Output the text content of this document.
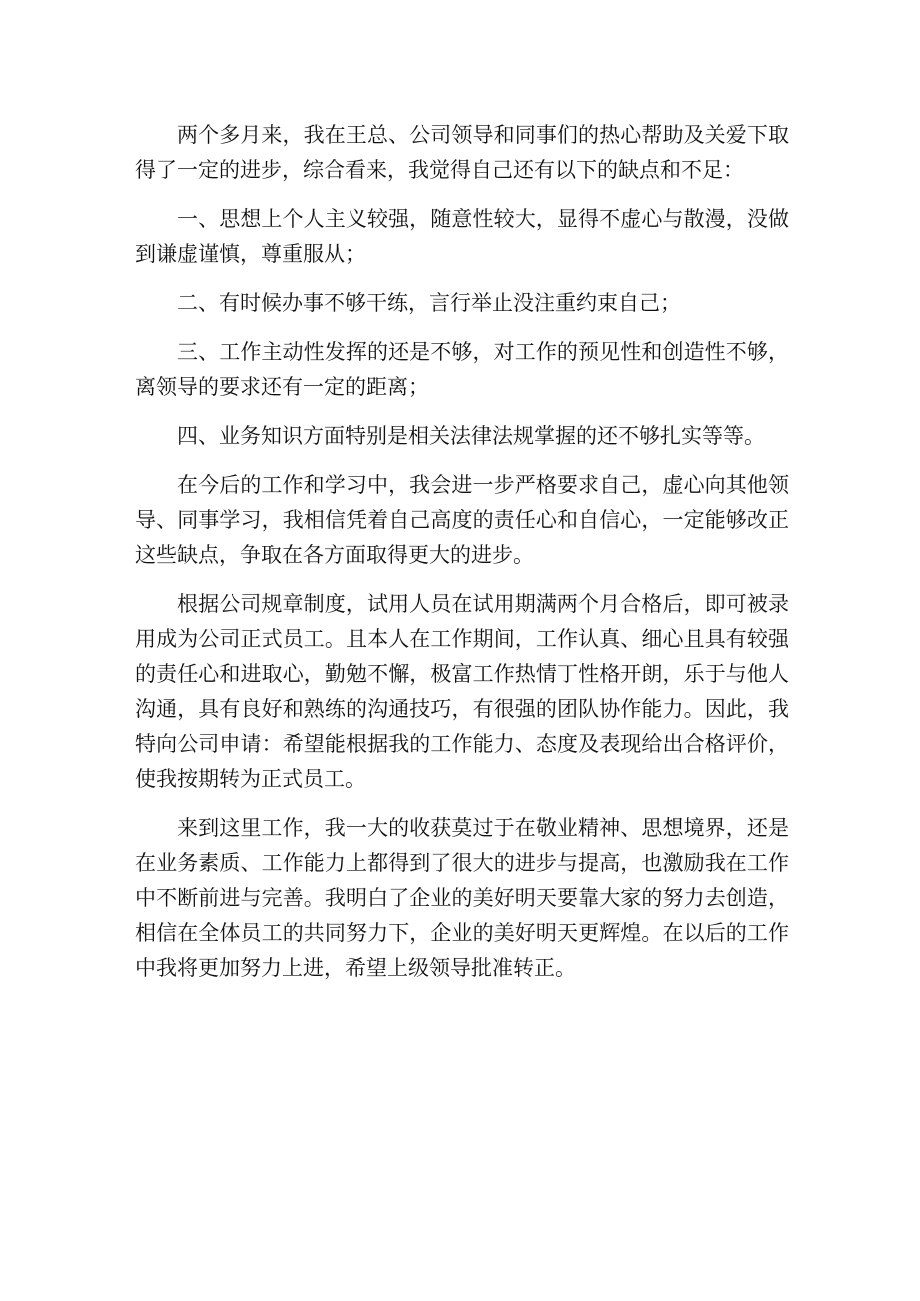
两个多月来，我在王总、公司领导和同事们的热心帮助及关爱下取得了一定的进步，综合看来，我觉得自己还有以下的缺点和不足：

一、思想上个人主义较强，随意性较大，显得不虚心与散漫，没做到谦虚谨慎，尊重服从；

二、有时候办事不够干练，言行举止没注重约束自己；

三、工作主动性发挥的还是不够，对工作的预见性和创造性不够，离领导的要求还有一定的距离；

四、业务知识方面特别是相关法律法规掌握的还不够扎实等等。

在今后的工作和学习中，我会进一步严格要求自己，虚心向其他领导、同事学习，我相信凭着自己高度的责任心和自信心，一定能够改正这些缺点，争取在各方面取得更大的进步。

根据公司规章制度，试用人员在试用期满两个月合格后，即可被录用成为公司正式员工。且本人在工作期间，工作认真、细心且具有较强的责任心和进取心，勤勉不懈，极富工作热情丁性格开朗，乐于与他人沟通，具有良好和熟练的沟通技巧，有很强的团队协作能力。因此，我特向公司申请：希望能根据我的工作能力、态度及表现给出合格评价，使我按期转为正式员工。

来到这里工作，我一大的收获莫过于在敬业精神、思想境界，还是在业务素质、工作能力上都得到了很大的进步与提高，也激励我在工作中不断前进与完善。我明白了企业的美好明天要靠大家的努力去创造，相信在全体员工的共同努力下，企业的美好明天更辉煌。在以后的工作中我将更加努力上进，希望上级领导批准转正。
